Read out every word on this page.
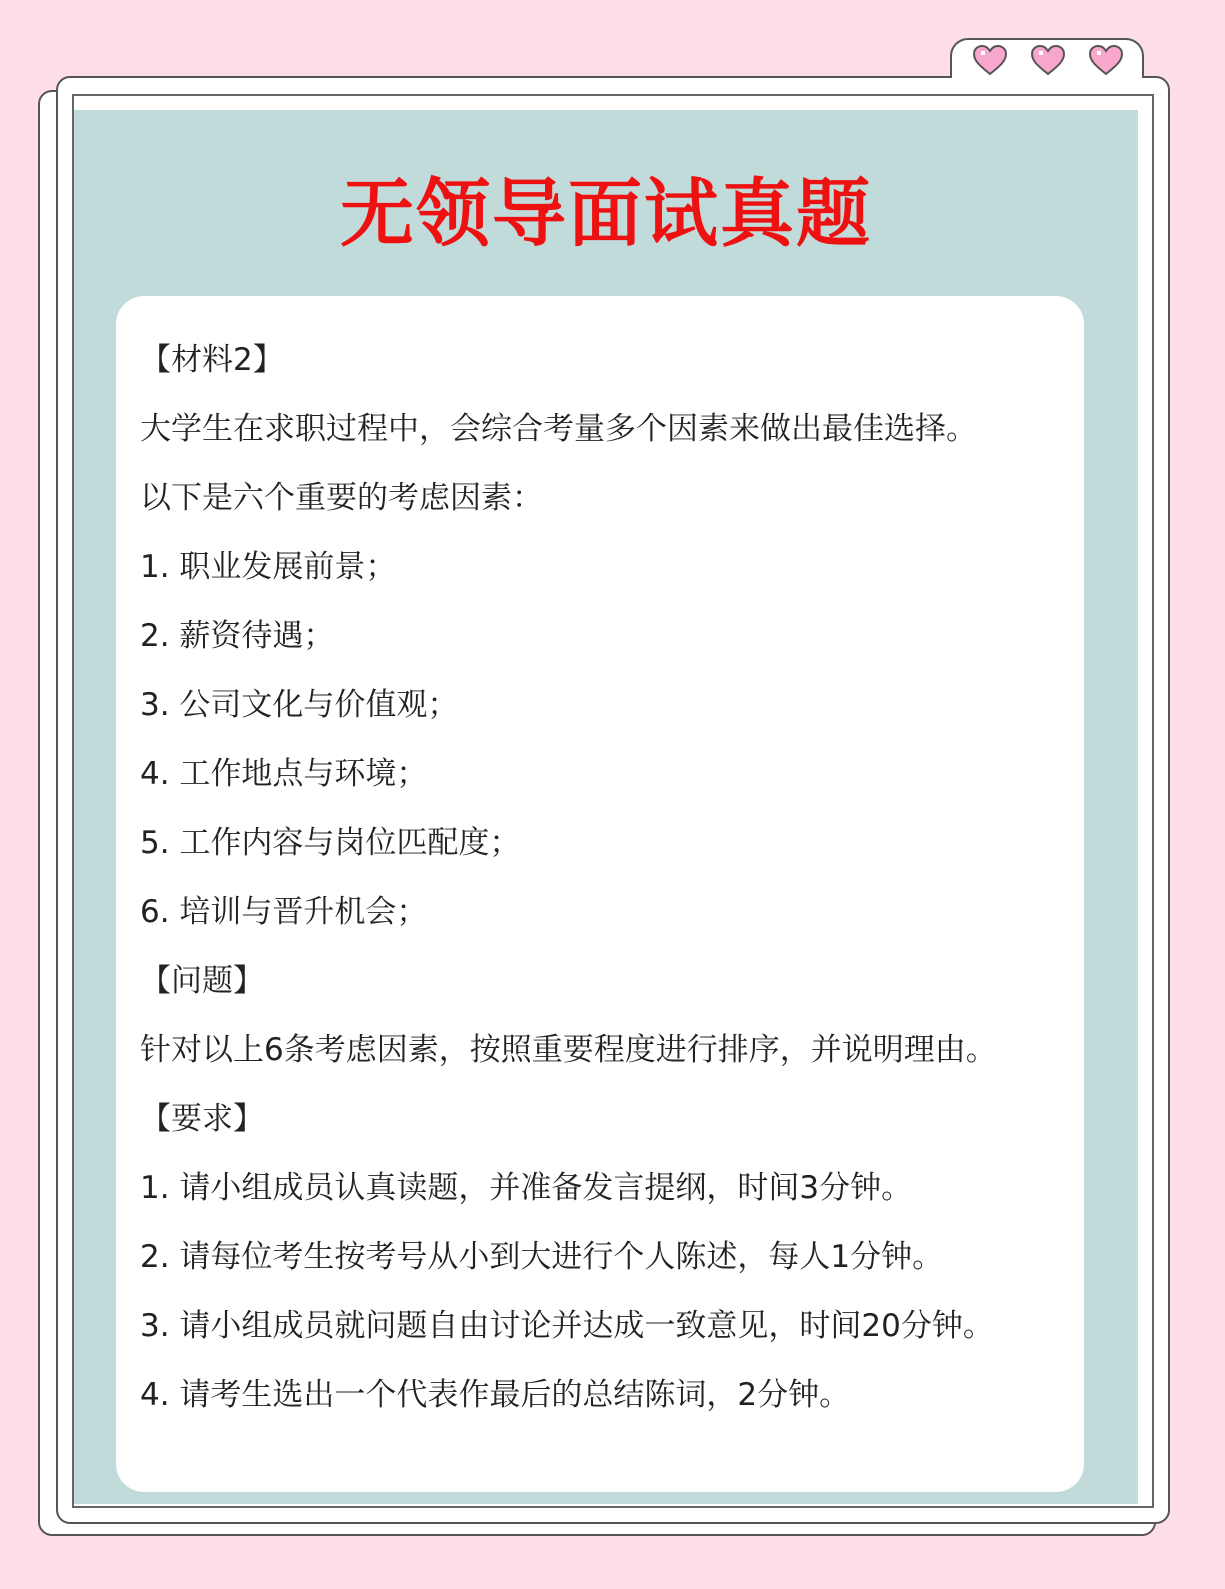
无领导面试真题

【材料2】

大学生在求职过程中，会综合考量多个因素来做出最佳选择。

以下是六个重要的考虑因素：

1. 职业发展前景；

2. 薪资待遇；

3. 公司文化与价值观；

4. 工作地点与环境；

5. 工作内容与岗位匹配度；

6. 培训与晋升机会；

【问题】

针对以上6条考虑因素，按照重要程度进行排序，并说明理由。

【要求】

1. 请小组成员认真读题，并准备发言提纲，时间3分钟。

2. 请每位考生按考号从小到大进行个人陈述，每人1分钟。

3. 请小组成员就问题自由讨论并达成一致意见，时间20分钟。

4. 请考生选出一个代表作最后的总结陈词，2分钟。
